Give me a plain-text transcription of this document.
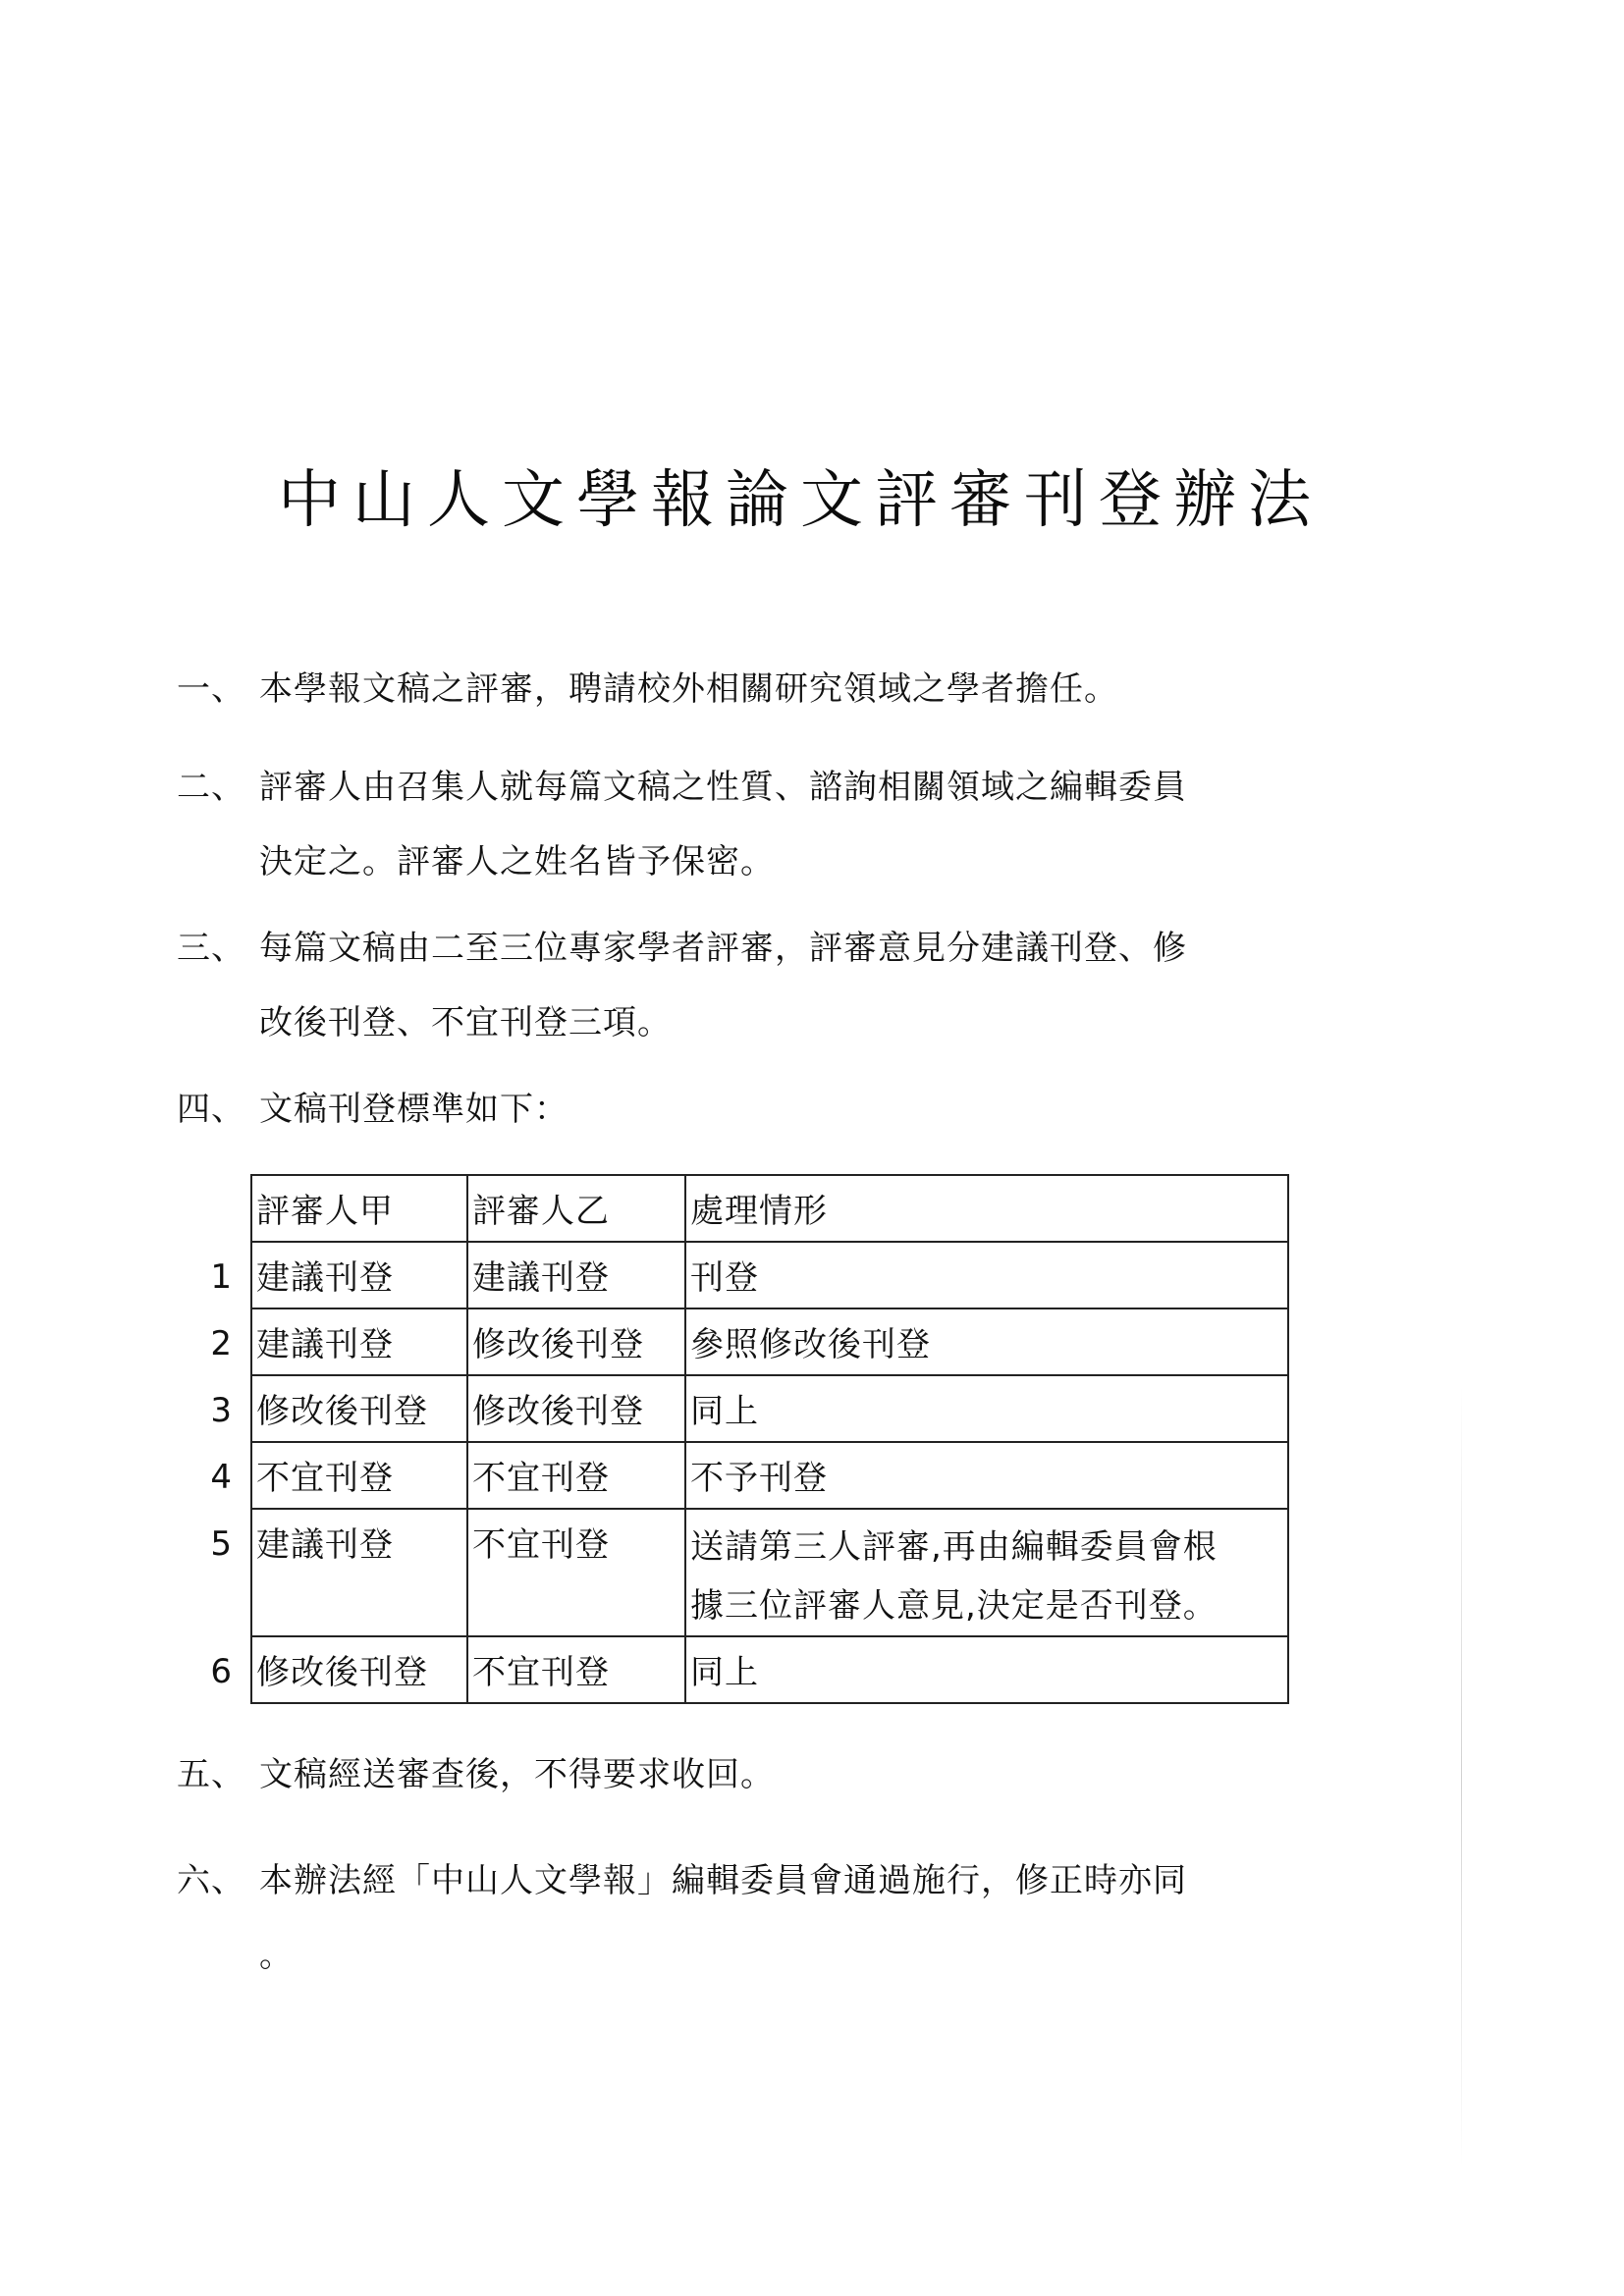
中山人文學報論文評審刊登辦法
一、 本學報文稿之評審，聘請校外相關研究領域之學者擔任。
二、 評審人由召集人就每篇文稿之性質、諮詢相關領域之編輯委員
決定之。評審人之姓名皆予保密。
三、 每篇文稿由二至三位專家學者評審，評審意見分建議刊登、修
改後刊登、不宜刊登三項。
四、 文稿刊登標準如下：
	評審人甲	評審人乙	處理情形
1	建議刊登	建議刊登	刊登
2	建議刊登	修改後刊登	參照修改後刊登
3	修改後刊登	修改後刊登	同上
4	不宜刊登	不宜刊登	不予刊登
5	建議刊登	不宜刊登	送請第三人評審,再由編輯委員會根
據三位評審人意見,決定是否刊登。

6	修改後刊登	不宜刊登	同上
五、 文稿經送審查後，不得要求收回。
六、 本辦法經「中山人文學報」編輯委員會通過施行，修正時亦同
。
